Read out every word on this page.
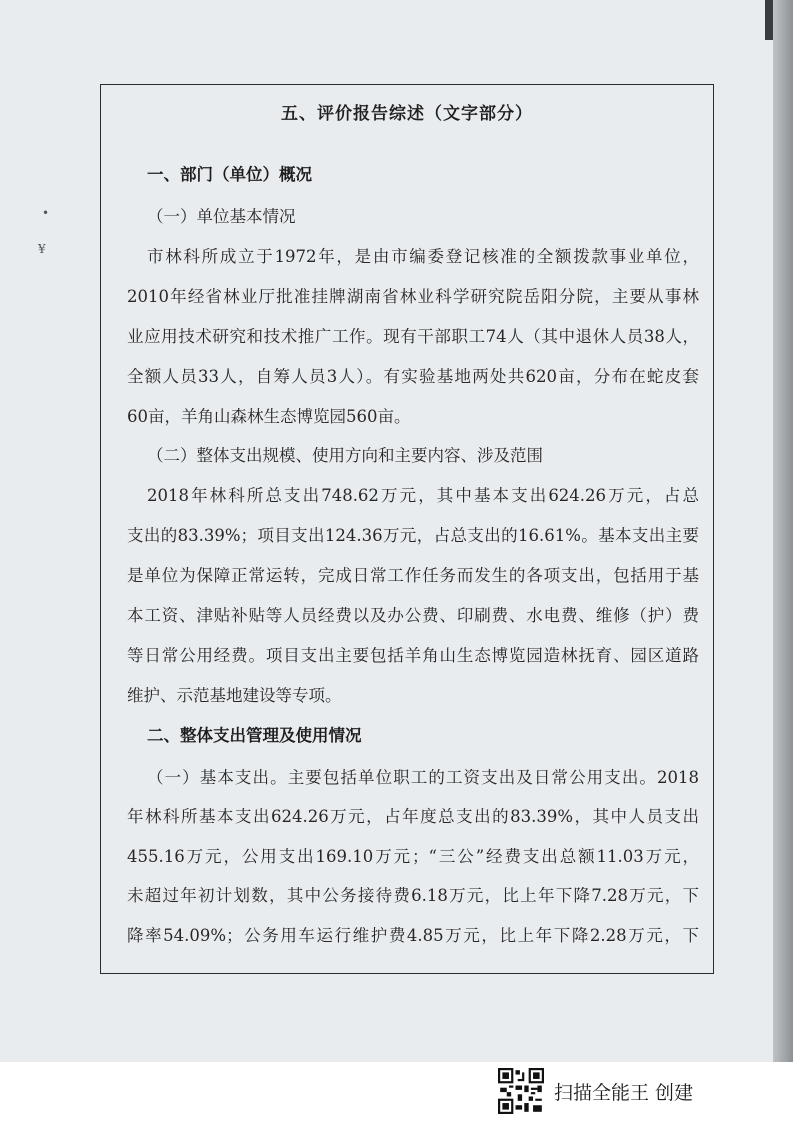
•
¥
五、评价报告综述（文字部分）
一、部门（单位）概况
（一）单位基本情况
市林科所成立于1972年，是由市编委登记核准的全额拨款事业单位，
2010年经省林业厅批准挂牌湖南省林业科学研究院岳阳分院，主要从事林
业应用技术研究和技术推广工作。现有干部职工74人（其中退休人员38人，
全额人员33人，自筹人员3人）。有实验基地两处共620亩，分布在蛇皮套
60亩，羊角山森林生态博览园560亩。
（二）整体支出规模、使用方向和主要内容、涉及范围
2018年林科所总支出748.62万元，其中基本支出624.26万元，占总
支出的83.39%；项目支出124.36万元，占总支出的16.61%。基本支出主要
是单位为保障正常运转，完成日常工作任务而发生的各项支出，包括用于基
本工资、津贴补贴等人员经费以及办公费、印刷费、水电费、维修（护）费
等日常公用经费。项目支出主要包括羊角山生态博览园造林抚育、园区道路
维护、示范基地建设等专项。
二、整体支出管理及使用情况
（一）基本支出。主要包括单位职工的工资支出及日常公用支出。2018
年林科所基本支出624.26万元，占年度总支出的83.39%，其中人员支出
455.16万元，公用支出169.10万元；“三公”经费支出总额11.03万元，
未超过年初计划数，其中公务接待费6.18万元，比上年下降7.28万元，下
降率54.09%；公务用车运行维护费4.85万元，比上年下降2.28万元，下
扫描全能王 创建
